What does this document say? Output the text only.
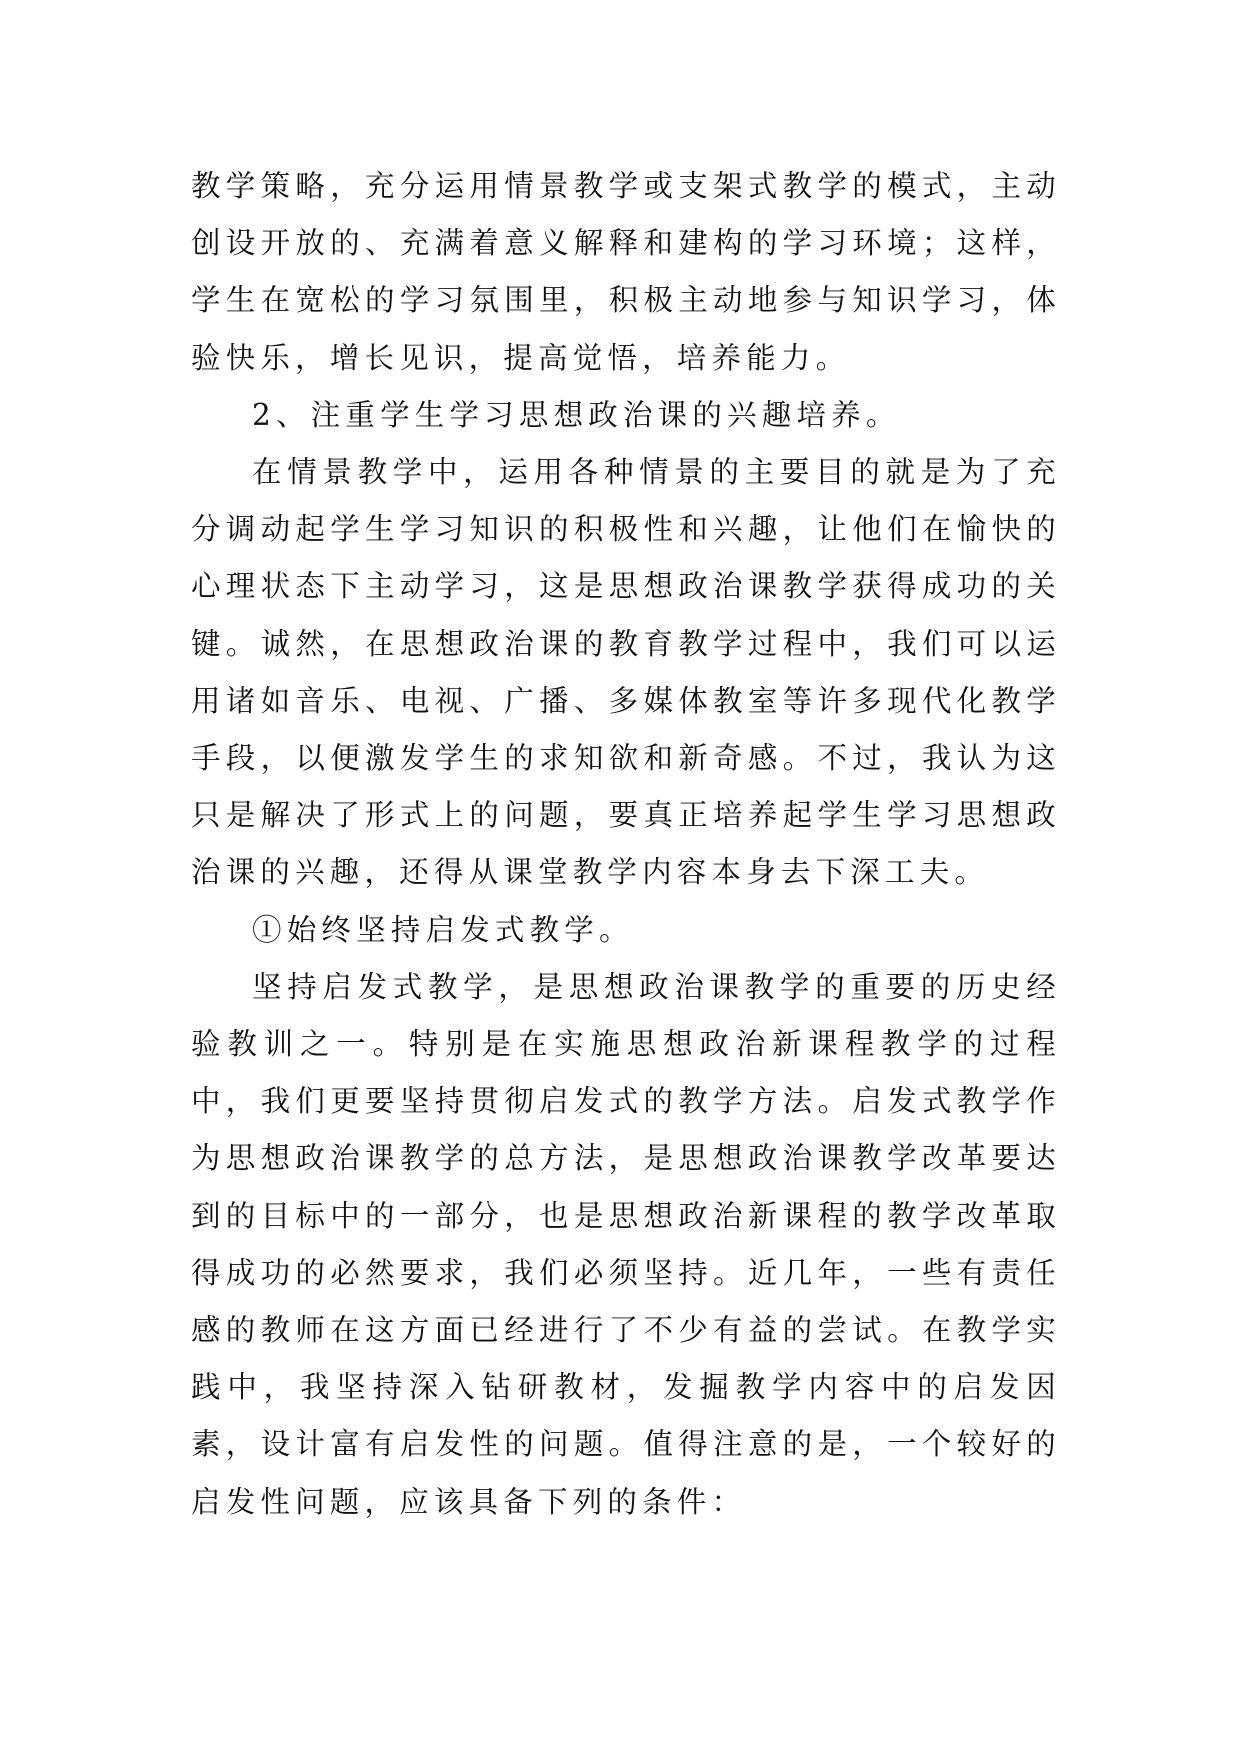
教学策略，充分运用情景教学或支架式教学的模式，主动创设开放的、充满着意义解释和建构的学习环境；这样，学生在宽松的学习氛围里，积极主动地参与知识学习，体验快乐，增长见识，提高觉悟，培养能力。

2、注重学生学习思想政治课的兴趣培养。

在情景教学中，运用各种情景的主要目的就是为了充分调动起学生学习知识的积极性和兴趣，让他们在愉快的心理状态下主动学习，这是思想政治课教学获得成功的关键。诚然，在思想政治课的教育教学过程中，我们可以运用诸如音乐、电视、广播、多媒体教室等许多现代化教学手段，以便激发学生的求知欲和新奇感。不过，我认为这只是解决了形式上的问题，要真正培养起学生学习思想政治课的兴趣，还得从课堂教学内容本身去下深工夫。

①始终坚持启发式教学。

坚持启发式教学，是思想政治课教学的重要的历史经验教训之一。特别是在实施思想政治新课程教学的过程中，我们更要坚持贯彻启发式的教学方法。启发式教学作为思想政治课教学的总方法，是思想政治课教学改革要达到的目标中的一部分，也是思想政治新课程的教学改革取得成功的必然要求，我们必须坚持。近几年，一些有责任感的教师在这方面已经进行了不少有益的尝试。在教学实践中，我坚持深入钻研教材，发掘教学内容中的启发因素，设计富有启发性的问题。值得注意的是，一个较好的启发性问题，应该具备下列的条件：
